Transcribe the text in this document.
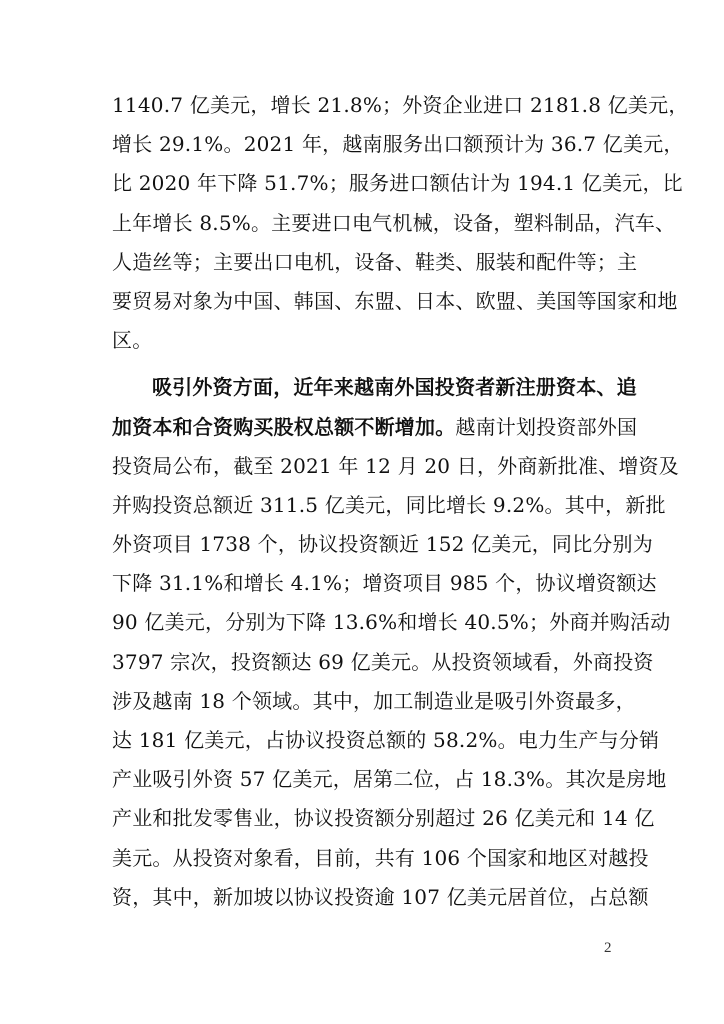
1140.7 亿美元，增长 21.8%；外资企业进口 2181.8 亿美元，
增长 29.1%。2021 年，越南服务出口额预计为 36.7 亿美元，
比 2020 年下降 51.7%；服务进口额估计为 194.1 亿美元，比
上年增长 8.5%。主要进口电气机械，设备，塑料制品，汽车、
人造丝等；主要出口电机，设备、鞋类、服装和配件等；主
要贸易对象为中国、韩国、东盟、日本、欧盟、美国等国家和地
区。
吸引外资方面，近年来越南外国投资者新注册资本、追
加资本和合资购买股权总额不断增加。越南计划投资部外国
投资局公布，截至 2021 年 12 月 20 日，外商新批准、增资及
并购投资总额近 311.5 亿美元，同比增长 9.2%。其中，新批
外资项目 1738 个，协议投资额近 152 亿美元，同比分别为
下降 31.1%和增长 4.1%；增资项目 985 个，协议增资额达
90 亿美元，分别为下降 13.6%和增长 40.5%；外商并购活动
3797 宗次，投资额达 69 亿美元。从投资领域看，外商投资
涉及越南 18 个领域。其中，加工制造业是吸引外资最多，
达 181 亿美元，占协议投资总额的 58.2%。电力生产与分销
产业吸引外资 57 亿美元，居第二位，占 18.3%。其次是房地
产业和批发零售业，协议投资额分别超过 26 亿美元和 14 亿
美元。从投资对象看，目前，共有 106 个国家和地区对越投
资，其中，新加坡以协议投资逾 107 亿美元居首位，占总额
2
